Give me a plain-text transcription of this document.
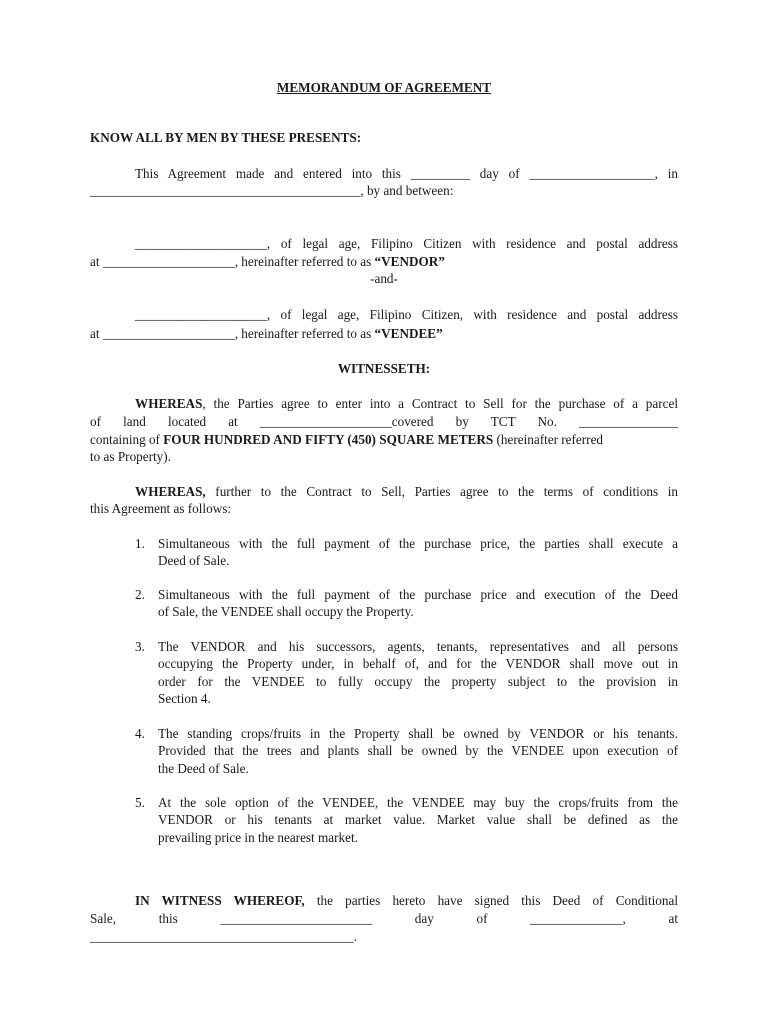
MEMORANDUM OF AGREEMENT

KNOW ALL BY MEN BY THESE PRESENTS:

This Agreement made and entered into this _________ day of ___________________, in

_________________________________________, by and between:

____________________, of legal age, Filipino Citizen with residence and postal address

at ____________________, hereinafter referred to as “VENDOR”

-and-

____________________, of legal age, Filipino Citizen, with residence and postal address

at ____________________, hereinafter referred to as “VENDEE”

WITNESSETH:

WHEREAS, the Parties agree to enter into a Contract to Sell for the purchase of a parcel

of land located at ____________________covered by TCT No. _______________

containing of FOUR HUNDRED AND FIFTY (450) SQUARE METERS (hereinafter referred

to as Property).

WHEREAS, further to the Contract to Sell, Parties agree to the terms of conditions in

this Agreement as follows:

1. Simultaneous with the full payment of the purchase price, the parties shall execute a

Deed of Sale.

2. Simultaneous with the full payment of the purchase price and execution of the Deed

of Sale, the VENDEE shall occupy the Property.

3. The VENDOR and his successors, agents, tenants, representatives and all persons

occupying the Property under, in behalf of, and for the VENDOR shall move out in

order for the VENDEE to fully occupy the property subject to the provision in

Section 4.

4. The standing crops/fruits in the Property shall be owned by VENDOR or his tenants.

Provided that the trees and plants shall be owned by the VENDEE upon execution of

the Deed of Sale.

5. At the sole option of the VENDEE, the VENDEE may buy the crops/fruits from the

VENDOR or his tenants at market value. Market value shall be defined as the

prevailing price in the nearest market.

IN WITNESS WHEREOF, the parties hereto have signed this Deed of Conditional

Sale, this _______________________ day of ______________, at

________________________________________.
